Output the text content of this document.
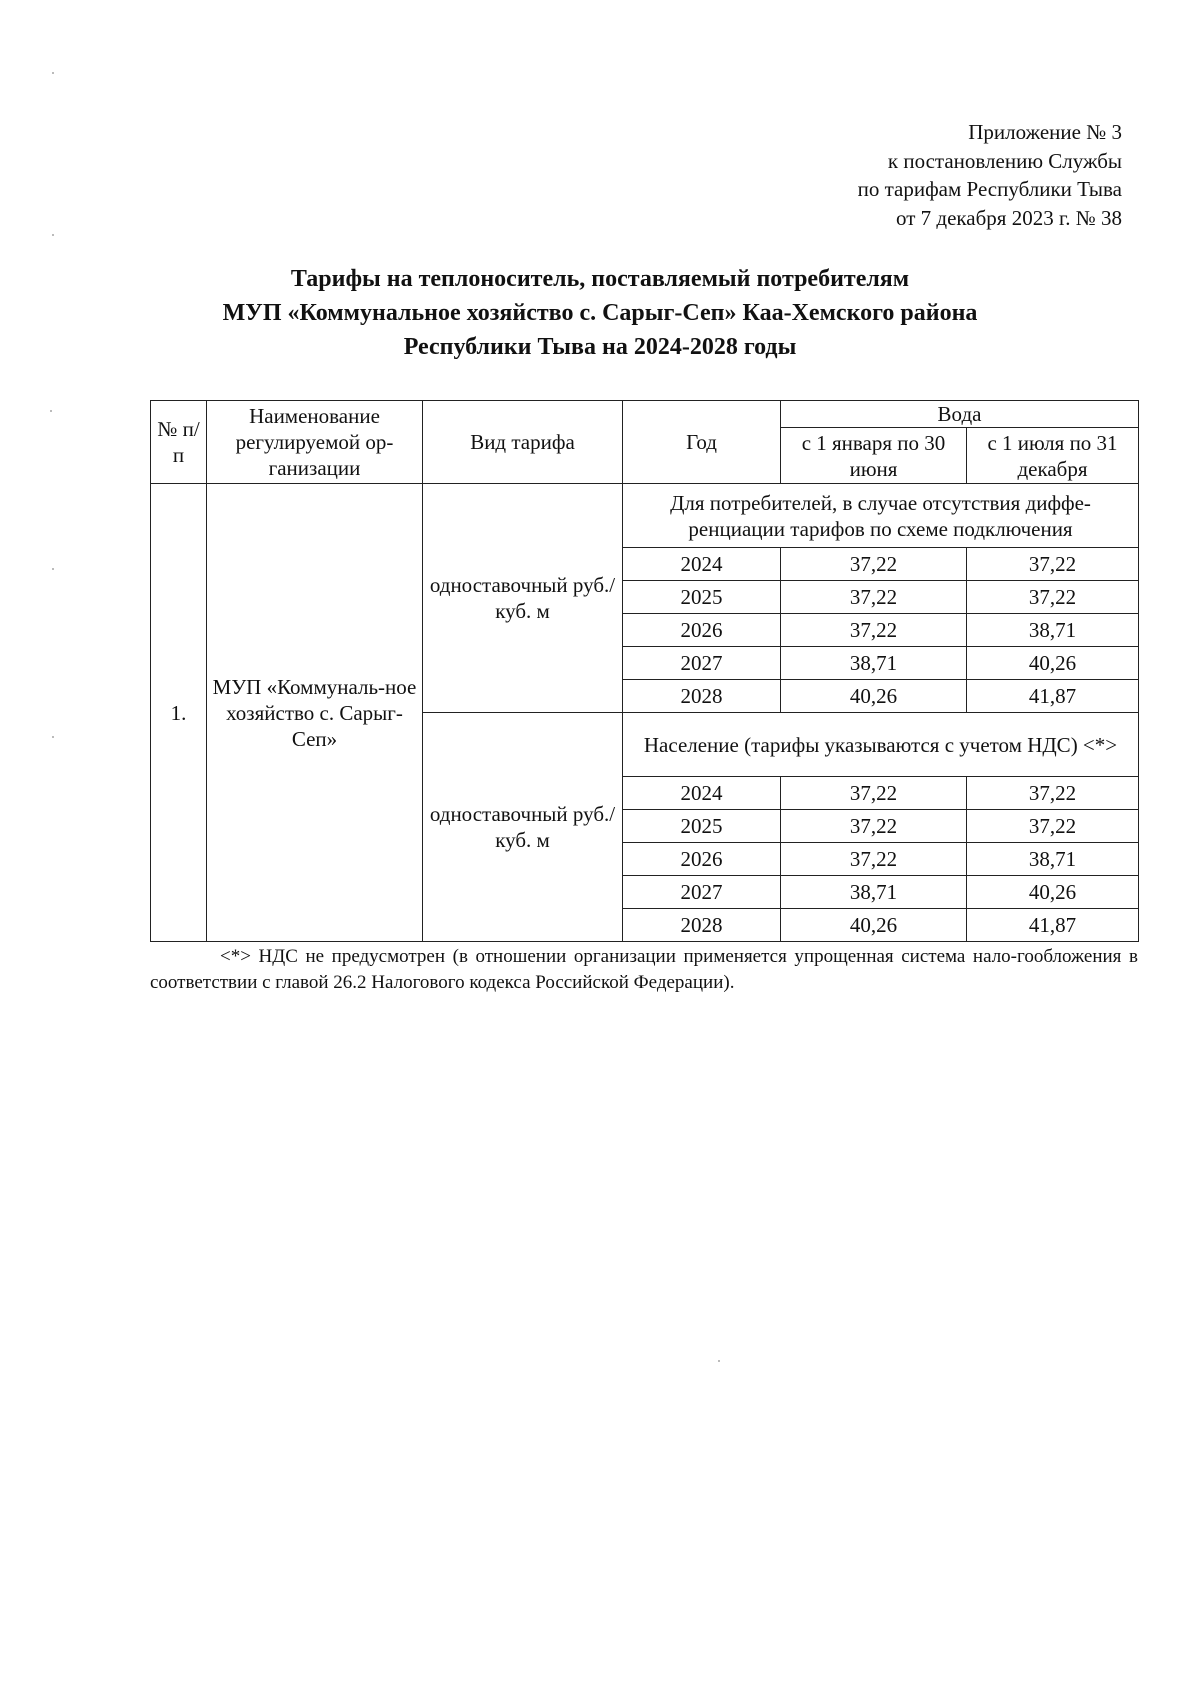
Приложение № 3
к постановлению Службы
по тарифам Республики Тыва
от 7 декабря 2023 г. № 38
Тарифы на теплоноситель, поставляемый потребителям
МУП «Коммунальное хозяйство с. Сарыг-Сеп» Каа-Хемского района
Республики Тыва на 2024-2028 годы
№ п/п	Наименование регулируемой ор-ганизации	Вид тарифа	Год	Вода	
				с 1 января по 30 июня	с 1 июля по 31 декабря
1.	МУП «Коммуналь-ное хозяйство с. Сарыг-Сеп»	одноставочный руб./куб. м	Для потребителей, в случае отсутствия диффе-ренциации тарифов по схеме подключения		
			2024	37,22	37,22
			2025	37,22	37,22
			2026	37,22	38,71
			2027	38,71	40,26
			2028	40,26	41,87
		одноставочный руб./куб. м	Население (тарифы указываются с учетом НДС) <*>		
			2024	37,22	37,22
			2025	37,22	37,22
			2026	37,22	38,71
			2027	38,71	40,26
			2028	40,26	41,87
<*> НДС не предусмотрен (в отношении организации применяется упрощенная система нало-гообложения в соответствии с главой 26.2 Налогового кодекса Российской Федерации).
